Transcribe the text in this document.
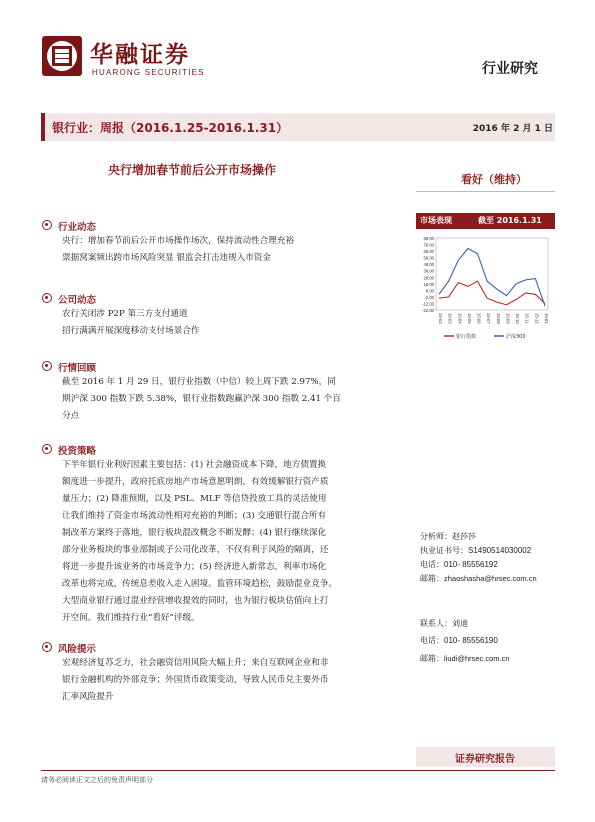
华融证券
HUARONG SECURITIES	行业研究
银行业：周报（2016.1.25-2016.1.31）	2016 年 2 月 1 日
央行增加春节前后公开市场操作
看好（维持）
行业动态
央行：增加春节前后公开市场操作场次，保持流动性合理充裕
票据窝案频出跨市场风险突显 银监会打击违规入市资金
公司动态
农行关闭涉 P2P 第三方支付通道
招行满满开展深度移动支付场景合作
行情回顾
截至 2016 年 1 月 29 日，银行业指数（中信）较上周下跌 2.97%，同
期沪深 300 指数下跌 5.38%，银行业指数跑赢沪深 300 指数 2.41 个百
分点
投资策略
下半年银行业利好因素主要包括：(1) 社会融资成本下降，地方债置换
额度进一步提升，政府托底房地产市场意愿明朗，有效缓解银行资产质
量压力；(2) 降准预期，以及 PSL、MLF 等信贷投放工具的灵活使用
让我们维持了资金市场流动性相对充裕的判断；(3) 交通银行混合所有
制改革方案终于落地，银行板块混改概念不断发酵；(4) 银行继续深化
部分业务板块的事业部制或子公司化改革，不仅有利于风险的隔离，还
将进一步提升该业务的市场竞争力；(5) 经济进入新常态，利率市场化
改革也将完成，传统息差收入走入困境。监管环境趋松，鼓励混业竞争。
大型商业银行通过混业经营增收提效的同时，也为银行板块估值向上打
开空间。我们维持行业“看好”评级。
风险提示
宏观经济复苏乏力，社会融资信用风险大幅上升；来自互联网企业和非
银行金融机构的外部竞争；外国货币政策变动，导致人民币兑主要外币
汇率风险提升
市场表现	截至 2016.1.31
88.00
78.00
68.00
58.00
48.00
38.00
28.00
18.00
8.00
-2.00
-12.00
-22.00
15-02 15-03 15-04 15-05 15-06 15-07 15-08 15-09 15-10 15-11 15-12 16-01
银行指数	沪深300
分析师：赵莎莎
执业证书号：S1490514030002
电话：010- 85556192
邮箱：zhaoshasha@hrsec.com.cn
联系人：刘迪
电话：010- 85556190
邮箱：liudi@hrsec.com.cn
证券研究报告
请务必阅读正文之后的免责声明部分
